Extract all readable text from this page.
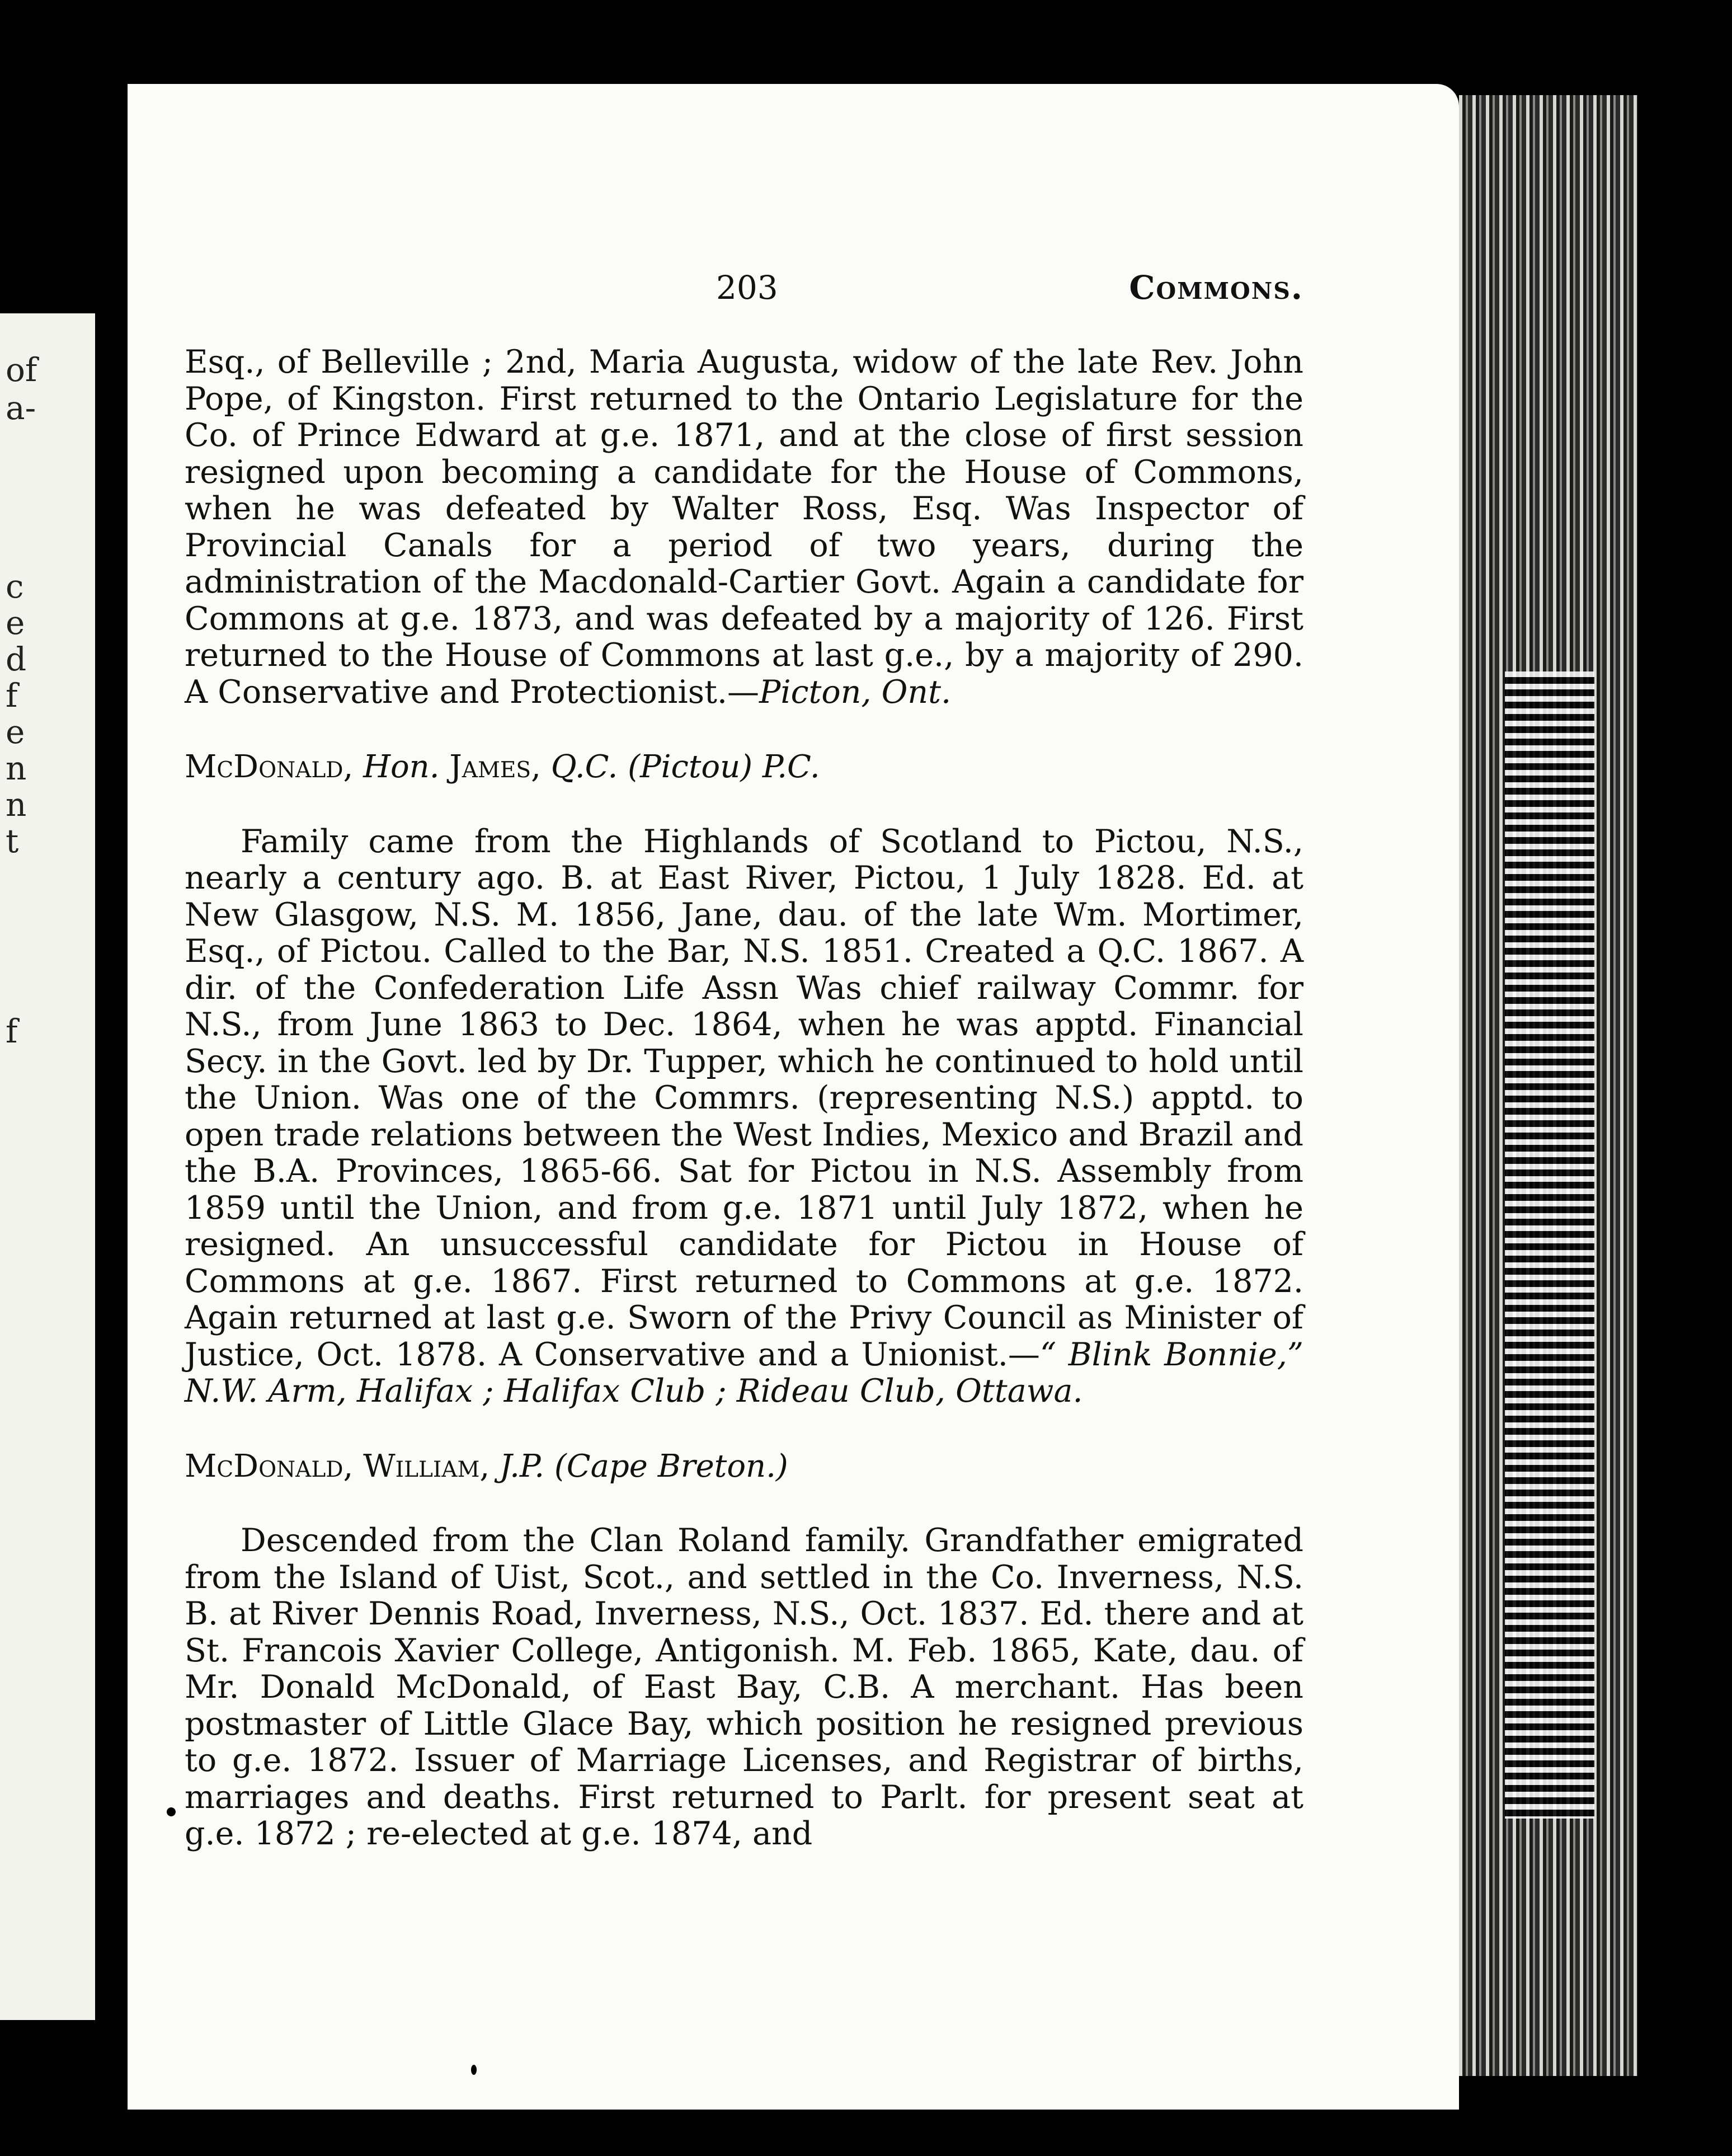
of
a-
c
e
d
f
e
n
n
t
f
203	Commons.

Esq., of Belleville ; 2nd, Maria Augusta, widow of the late Rev. John Pope, of Kingston. First returned to the Ontario Legislature for the Co. of Prince Edward at g.e. 1871, and at the close of first session resigned upon becoming a candidate for the House of Commons, when he was defeated by Walter Ross, Esq. Was Inspector of Provincial Canals for a period of two years, during the administration of the Macdonald-Cartier Govt. Again a candidate for Commons at g.e. 1873, and was defeated by a majority of 126. First returned to the House of Commons at last g.e., by a majority of 290. A Conservative and Protectionist.—Picton, Ont.

McDonald, Hon. James, Q.C. (Pictou) P.C.

Family came from the Highlands of Scotland to Pictou, N.S., nearly a century ago. B. at East River, Pictou, 1 July 1828. Ed. at New Glasgow, N.S. M. 1856, Jane, dau. of the late Wm. Mortimer, Esq., of Pictou. Called to the Bar, N.S. 1851. Created a Q.C. 1867. A dir. of the Confederation Life Assn Was chief railway Commr. for N.S., from June 1863 to Dec. 1864, when he was apptd. Financial Secy. in the Govt. led by Dr. Tupper, which he continued to hold until the Union. Was one of the Commrs. (representing N.S.) apptd. to open trade relations between the West Indies, Mexico and Brazil and the B.A. Provinces, 1865-66. Sat for Pictou in N.S. Assembly from 1859 until the Union, and from g.e. 1871 until July 1872, when he resigned. An unsuccessful candidate for Pictou in House of Commons at g.e. 1867. First returned to Commons at g.e. 1872. Again returned at last g.e. Sworn of the Privy Council as Minister of Justice, Oct. 1878. A Conservative and a Unionist.—“ Blink Bonnie,” N.W. Arm, Halifax ; Halifax Club ; Rideau Club, Ottawa.

McDonald, William, J.P. (Cape Breton.)

Descended from the Clan Roland family. Grandfather emigrated from the Island of Uist, Scot., and settled in the Co. Inverness, N.S. B. at River Dennis Road, Inverness, N.S., Oct. 1837. Ed. there and at St. Francois Xavier College, Antigonish. M. Feb. 1865, Kate, dau. of Mr. Donald McDonald, of East Bay, C.B. A merchant. Has been postmaster of Little Glace Bay, which position he resigned previous to g.e. 1872. Issuer of Marriage Licenses, and Registrar of births, marriages and deaths. First returned to Parlt. for present seat at g.e. 1872 ; re-elected at g.e. 1874, and
